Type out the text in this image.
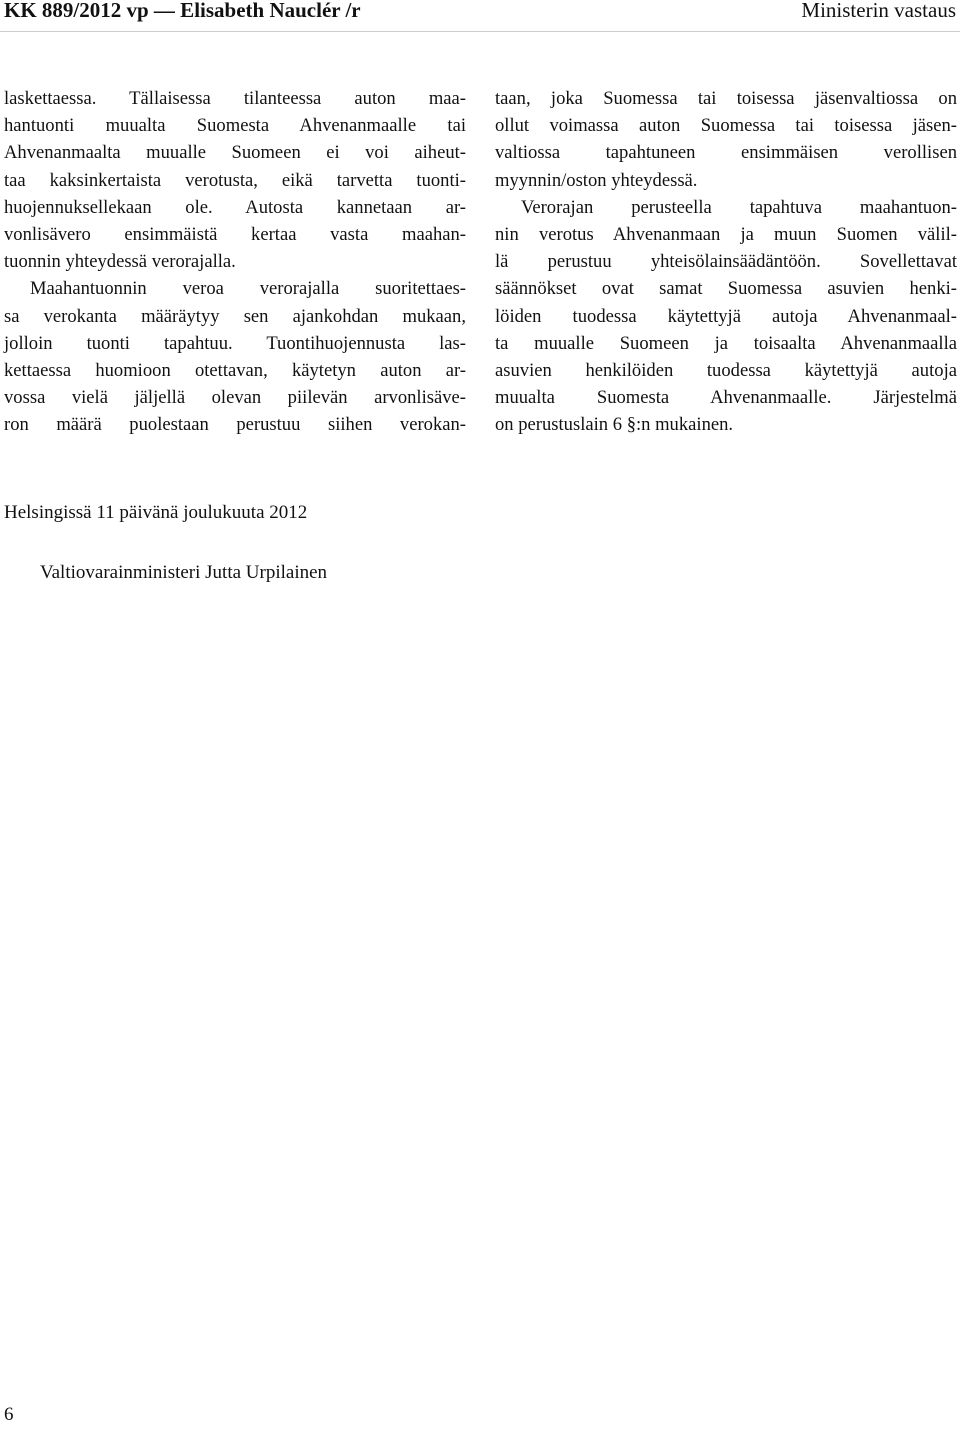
KK 889/2012 vp — Elisabeth Nauclér /r	Ministerin vastaus
laskettaessa. Tällaisessa tilanteessa auton maa-
hantuonti muualta Suomesta Ahvenanmaalle tai
Ahvenanmaalta muualle Suomeen ei voi aiheut-
taa kaksinkertaista verotusta, eikä tarvetta tuonti-
huojennuksellekaan ole. Autosta kannetaan ar-
vonlisävero ensimmäistä kertaa vasta maahan-
tuonnin yhteydessä verorajalla.
Maahantuonnin veroa verorajalla suoritettaes-
sa verokanta määräytyy sen ajankohdan mukaan,
jolloin tuonti tapahtuu. Tuontihuojennusta las-
kettaessa huomioon otettavan, käytetyn auton ar-
vossa vielä jäljellä olevan piilevän arvonlisäve-
ron määrä puolestaan perustuu siihen verokan-
taan, joka Suomessa tai toisessa jäsenvaltiossa on
ollut voimassa auton Suomessa tai toisessa jäsen-
valtiossa tapahtuneen ensimmäisen verollisen
myynnin/oston yhteydessä.
Verorajan perusteella tapahtuva maahantuon-
nin verotus Ahvenanmaan ja muun Suomen välil-
lä perustuu yhteisölainsäädäntöön. Sovellettavat
säännökset ovat samat Suomessa asuvien henki-
löiden tuodessa käytettyjä autoja Ahvenanmaal-
ta muualle Suomeen ja toisaalta Ahvenanmaalla
asuvien henkilöiden tuodessa käytettyjä autoja
muualta Suomesta Ahvenanmaalle. Järjestelmä
on perustuslain 6 §:n mukainen.
Helsingissä 11 päivänä joulukuuta 2012
Valtiovarainministeri Jutta Urpilainen
6
